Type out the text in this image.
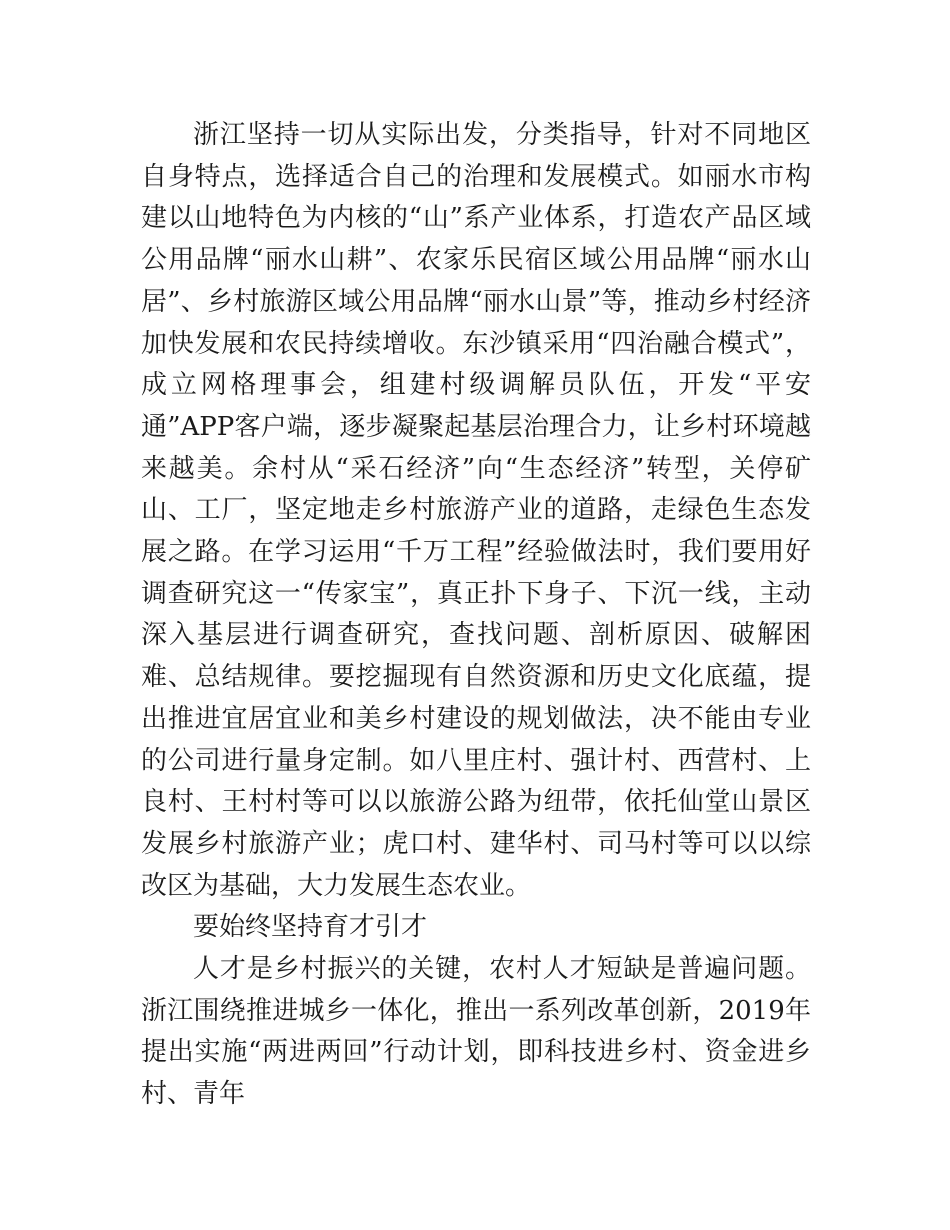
浙江坚持一切从实际出发，分类指导，针对不同地区自身特点，选择适合自己的治理和发展模式。如丽水市构建以山地特色为内核的“山”系产业体系，打造农产品区域公用品牌“丽水山耕”、农家乐民宿区域公用品牌“丽水山居”、乡村旅游区域公用品牌“丽水山景”等，推动乡村经济加快发展和农民持续增收。东沙镇采用“四治融合模式”，成立网格理事会，组建村级调解员队伍，开发“平安通”APP客户端，逐步凝聚起基层治理合力，让乡村环境越来越美。余村从“采石经济”向“生态经济”转型，关停矿山、工厂，坚定地走乡村旅游产业的道路，走绿色生态发展之路。在学习运用“千万工程”经验做法时，我们要用好调查研究这一“传家宝”，真正扑下身子、下沉一线，主动深入基层进行调查研究，查找问题、剖析原因、破解困难、总结规律。要挖掘现有自然资源和历史文化底蕴，提出推进宜居宜业和美乡村建设的规划做法，决不能由专业的公司进行量身定制。如八里庄村、强计村、西营村、上良村、王村村等可以以旅游公路为纽带，依托仙堂山景区发展乡村旅游产业；虎口村、建华村、司马村等可以以综改区为基础，大力发展生态农业。

要始终坚持育才引才

人才是乡村振兴的关键，农村人才短缺是普遍问题。浙江围绕推进城乡一体化，推出一系列改革创新，2019年提出实施“两进两回”行动计划，即科技进乡村、资金进乡村、青年
